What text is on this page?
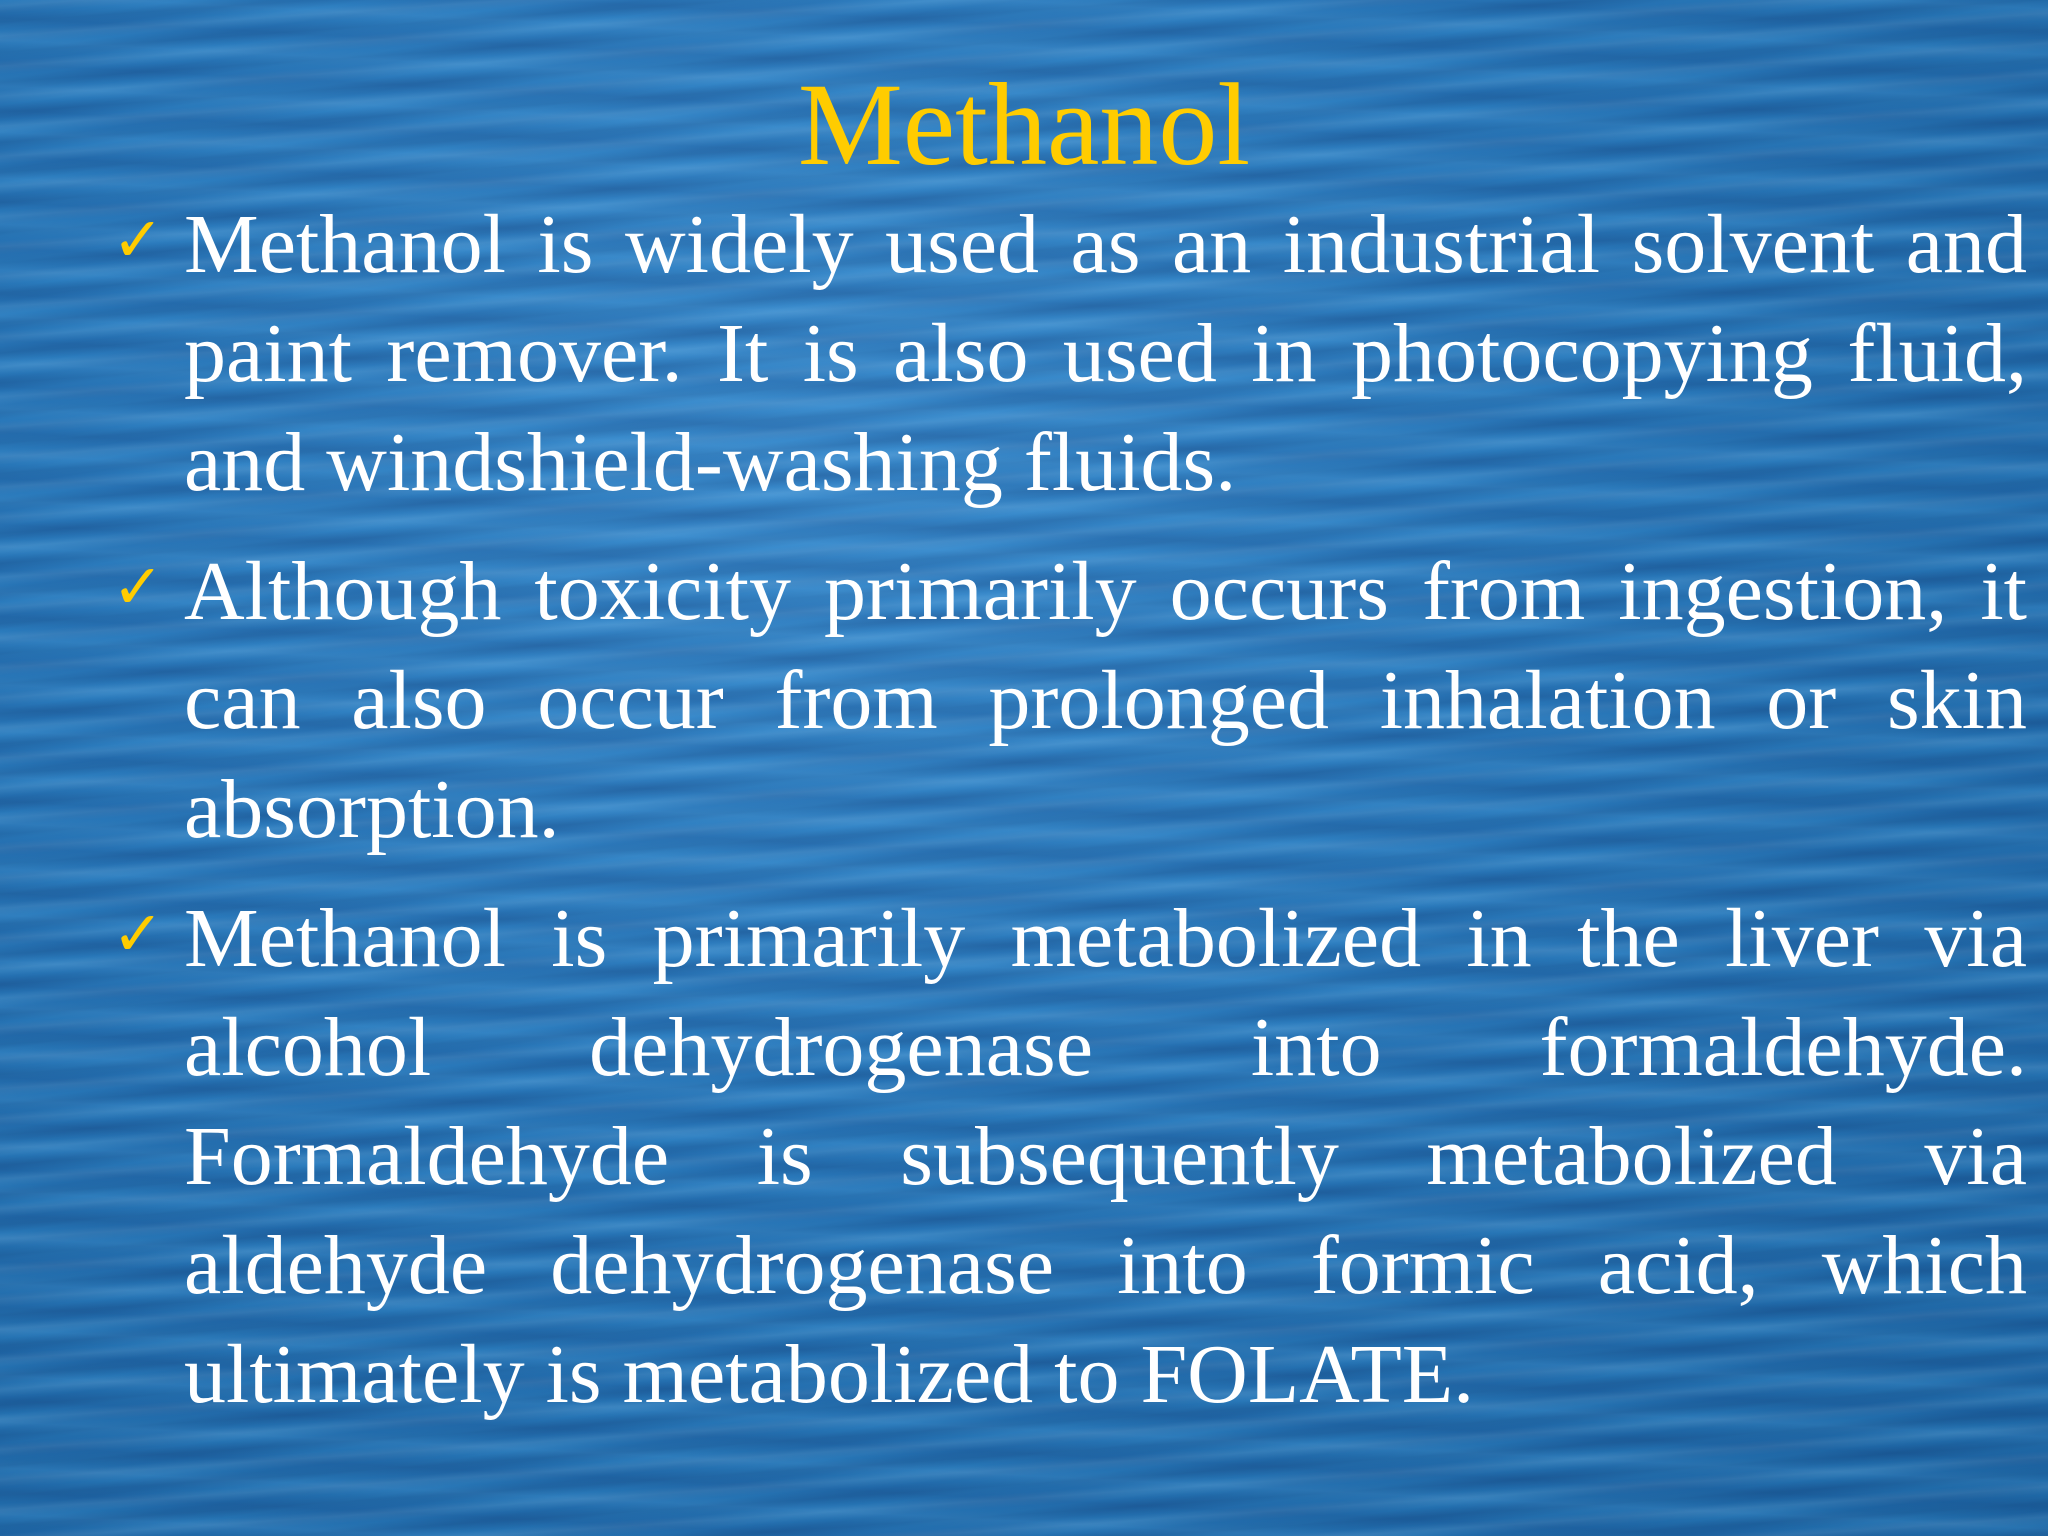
Methanol
✓ Methanol is widely used as an industrial solvent and paint remover. It is also used in photocopying fluid, and windshield-washing fluids.
✓ Although toxicity primarily occurs from ingestion, it can also occur from prolonged inhalation or skin absorption.
✓ Methanol is primarily metabolized in the liver via alcohol dehydrogenase into formaldehyde. Formaldehyde is subsequently metabolized via aldehyde dehydrogenase into formic acid, which ultimately is metabolized to FOLATE.
